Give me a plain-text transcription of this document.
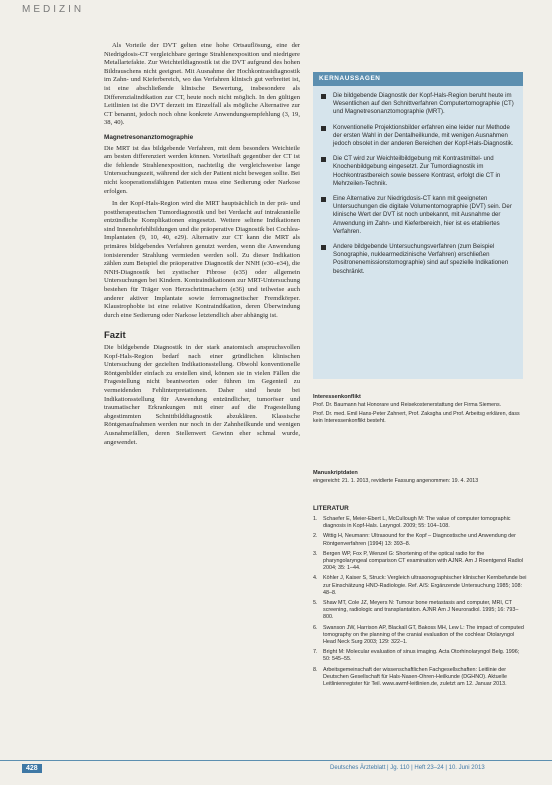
MEDIZIN

Als Vorteile der DVT gelten eine hohe Ortsauflösung, eine der Niedrigdosis-CT vergleichbare geringe Strahlenexposition und niedrigere Metallartefakte. Zur Weichteildiagnostik ist die DVT aufgrund des hohen Bildrauschens nicht geeignet. Mit Ausnahme der Hochkontrastdiagnostik im Zahn- und Kieferbereich, wo das Verfahren klinisch gut verbreitet ist, ist eine abschließende klinische Bewertung, insbesondere als Differenzialindikation zur CT, heute noch nicht möglich. In den gültigen Leitlinien ist die DVT derzeit im Einzelfall als mögliche Alternative zur CT benannt, jedoch noch ohne konkrete Anwendungsempfehlung (3, 19, 38, 40).

Magnetresonanztomographie

Die MRT ist das bildgebende Verfahren, mit dem besonders Weichteile am besten differenziert werden können. Vorteilhaft gegenüber der CT ist die fehlende Strahlenexposition, nachteilig die vergleichsweise lange Untersuchungszeit, während der sich der Patient nicht bewegen sollte. Bei nicht kooperationsfähigen Patienten muss eine Sedierung oder Narkose erfolgen.

In der Kopf-Hals-Region wird die MRT hauptsächlich in der prä- und posttherapeutischen Tumordiagnostik und bei Verdacht auf intrakranielle entzündliche Komplikationen eingesetzt. Weitere seltene Indikationen sind Innenohrfehlbildungen und die präoperative Diagnostik bei Cochlea-Implantaten (9, 10, 40, e29). Alternativ zur CT kann die MRT als primäres bildgebendes Verfahren genutzt werden, wenn die Anwendung ionisierender Strahlung vermieden werden soll. Zu dieser Indikation zählen zum Beispiel die präoperative Diagnostik der NNH (e30–e34), die NNH-Diagnostik bei zystischer Fibrose (e35) oder allgemein Untersuchungen bei Kindern. Kontraindikationen zur MRT-Untersuchung bestehen für Träger von Herzschrittmachern (e36) und teilweise auch anderer aktiver Implantate sowie ferromagnetischer Fremdkörper. Klaustrophobie ist eine relative Kontraindikation, deren Überwindung durch eine Sedierung oder Narkose letztendlich aber abhängig ist.

Fazit

Die bildgebende Diagnostik in der stark anatomisch anspruchsvollen Kopf-Hals-Region bedarf nach einer gründlichen klinischen Untersuchung der gezielten Indikationsstellung. Obwohl konventionelle Röntgenbilder einfach zu erstellen sind, können sie in vielen Fällen die Fragestellung nicht beantworten oder führen im Gegenteil zu vermeidenden Fehlinterpretationen. Daher sind heute bei Indikationsstellung für Anwendung entzündlicher, tumoröser und traumatischer Erkrankungen mit einer auf die Fragestellung abgestimmten Schnittbilddiagnostik abzuklären. Klassische Röntgenaufnahmen werden nur noch in der Zahnheilkunde und wenigen Ausnahmefällen, deren Stellenwert Gewinn eher schmal wurde, angewendet.

KERNAUSSAGEN
Die bildgebende Diagnostik der Kopf-Hals-Region beruht heute im Wesentlichen auf den Schnittverfahren Computertomographie (CT) und Magnetresonanztomographie (MRT).
Konventionelle Projektionsbilder erfahren eine leider nur Methode der ersten Wahl in der Dentalheilkunde, mit wenigen Ausnahmen jedoch obsolet in der anderen Bereichen der Kopf-Hals-Diagnostik.
Die CT wird zur Weichteilbildgebung mit Kontrastmittel- und Knochenbildgebung eingesetzt. Zur Tumordiagnostik im Hochkontrastbereich sowie bessere Kontrast, erfolgt die CT in Mehrzeilen-Technik.
Eine Alternative zur Niedrigdosis-CT kann mit geeigneten Untersuchungen die digitale Volumentomographie (DVT) sein. Der klinische Wert der DVT ist noch unbekannt, mit Ausnahme der Anwendung im Zahn- und Kieferbereich, hier ist es etabliertes Verfahren.
Andere bildgebende Untersuchungsverfahren (zum Beispiel Sonographie, nuklearmedizinische Verfahren) erschließen Positronenemissionstomographie) sind auf spezielle Indikationen beschränkt.
Interessenkonflikt
Prof. Dr. Baumann hat Honorare und Reisekostenerstattung der Firma Siemens.
Prof. Dr. med. Emil Hans-Peter Zahnert, Prof. Zaksgha und Prof. Arbeitsg erklären, dass kein Interessenkonflikt besteht.
Manuskriptdaten
eingereicht: 21. 1. 2013, revidierte Fassung angenommen: 19. 4. 2013
LITERATUR
1. Schaefer E, Meier-Ebert L, McCullough M: The value of computer tomographic diagnosis in Kopf-Hals. Laryngol. 2009; 55: 104–108.
2. Wittig H, Neumann: Ultrasound for the Kopf – Diagnostische und Anwendung der Röntgenverfahren (1994) 13: 393–8.
3. Bergen WP, Fox P, Wenzel G: Shortening of the optical radio for the pharyngolaryngeal comparison CT examination with AJNR. Am J Roentgenol Radiol 2004; 35: 1–44.
4. Köhler J, Kaiser S, Struck: Vergleich ultrasonographischer klinischer Kernbefunde bei zur Einschätzung HNO-Radiologie. Ref. A/S: Ergänzende Untersuchung 1985; 108: 48–8.
5. Shaw MT, Cole JZ, Meyers N: Tumour bone metastasis and computer, MRI, CT screening, radiologic and transplantation. AJNR Am J Neuroradiol. 1995; 16: 793–800.
6. Swanson JW, Harrison AP, Blackall GT, Bakoss MH, Lew L: The impact of computed tomography on the planning of the cranial evaluation of the cochlear Otolaryngol Head Neck Surg 2003; 129: 322–1.
7. Bright M: Molecular evaluation of sinus imaging. Acta Otorhinolaryngol Belg. 1996; 50: 545–55.
8. Arbeitsgemeinschaft der wissenschaftlichen Fachgesellschaften: Leitlinie der Deutschen Gesellschaft für Hals-Nasen-Ohren-Heilkunde (DGHNO). Aktuelle Leitlinienregister für Teil. www.awmf-leitlinien.de, zuletzt am 12. Januar 2013.
428	Deutsches Ärzteblatt | Jg. 110 | Heft 23–24 | 10. Juni 2013
